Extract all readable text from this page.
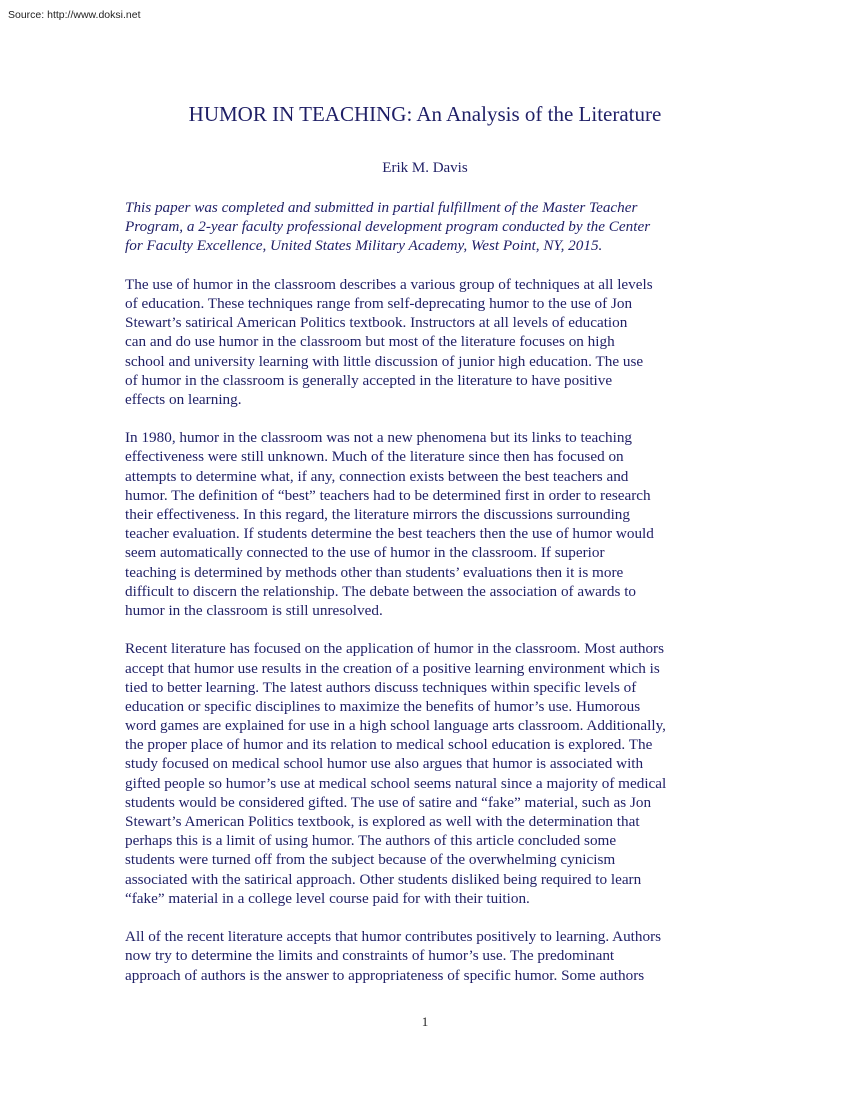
Source: http://www.doksi.net
HUMOR IN TEACHING: An Analysis of the Literature
Erik M. Davis
This paper was completed and submitted in partial fulfillment of the Master Teacher
Program, a 2-year faculty professional development program conducted by the Center
for Faculty Excellence, United States Military Academy, West Point, NY, 2015.
The use of humor in the classroom describes a various group of techniques at all levels
of education. These techniques range from self-deprecating humor to the use of Jon
Stewart’s satirical American Politics textbook. Instructors at all levels of education
can and do use humor in the classroom but most of the literature focuses on high
school and university learning with little discussion of junior high education. The use
of humor in the classroom is generally accepted in the literature to have positive
effects on learning.
In 1980, humor in the classroom was not a new phenomena but its links to teaching
effectiveness were still unknown. Much of the literature since then has focused on
attempts to determine what, if any, connection exists between the best teachers and
humor. The definition of “best” teachers had to be determined first in order to research
their effectiveness. In this regard, the literature mirrors the discussions surrounding
teacher evaluation. If students determine the best teachers then the use of humor would
seem automatically connected to the use of humor in the classroom. If superior
teaching is determined by methods other than students’ evaluations then it is more
difficult to discern the relationship. The debate between the association of awards to
humor in the classroom is still unresolved.
Recent literature has focused on the application of humor in the classroom. Most authors
accept that humor use results in the creation of a positive learning environment which is
tied to better learning. The latest authors discuss techniques within specific levels of
education or specific disciplines to maximize the benefits of humor’s use. Humorous
word games are explained for use in a high school language arts classroom. Additionally,
the proper place of humor and its relation to medical school education is explored. The
study focused on medical school humor use also argues that humor is associated with
gifted people so humor’s use at medical school seems natural since a majority of medical
students would be considered gifted. The use of satire and “fake” material, such as Jon
Stewart’s American Politics textbook, is explored as well with the determination that
perhaps this is a limit of using humor. The authors of this article concluded some
students were turned off from the subject because of the overwhelming cynicism
associated with the satirical approach. Other students disliked being required to learn
“fake” material in a college level course paid for with their tuition.
All of the recent literature accepts that humor contributes positively to learning. Authors
now try to determine the limits and constraints of humor’s use. The predominant
approach of authors is the answer to appropriateness of specific humor. Some authors
1
